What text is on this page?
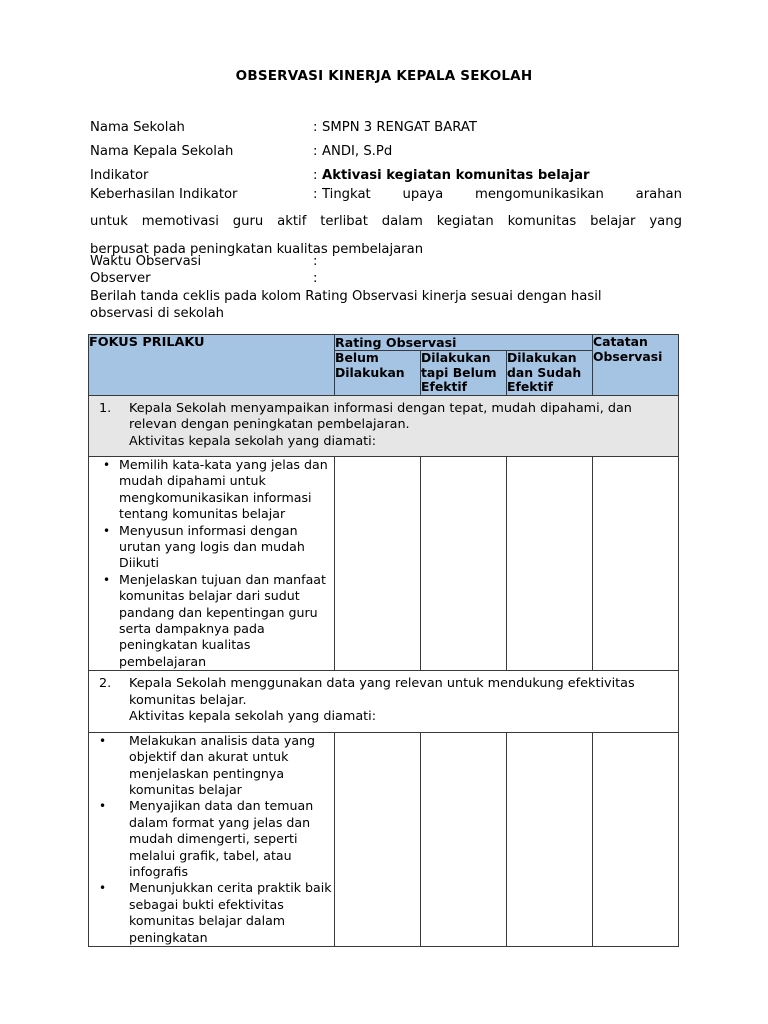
OBSERVASI KINERJA KEPALA SEKOLAH
Nama Sekolah	: SMPN 3 RENGAT BARAT
Nama Kepala Sekolah	: ANDI, S.Pd
Indikator	: Aktivasi kegiatan komunitas belajar
Keberhasilan Indikator	: Tingkat upaya mengomunikasikan arahan
untuk memotivasi guru aktif terlibat dalam kegiatan komunitas belajar yang
berpusat pada peningkatan kualitas pembelajaran
Waktu Observasi	:
Observer	:
Berilah tanda ceklis pada kolom Rating Observasi kinerja sesuai dengan hasil
observasi di sekolah
FOKUS PRILAKU	Rating Observasi			Catatan Observasi
	Belum Dilakukan	Dilakukan tapi Belum Efektif	Dilakukan dan Sudah Efektif	

1. Kepala Sekolah menyampaikan informasi dengan tepat, mudah dipahami, dan relevan dengan peningkatan pembelajaran.
Aktivitas kepala sekolah yang diamati:				

• Memilih kata-kata yang jelas dan mudah dipahami untuk mengkomunikasikan informasi tentang komunitas belajar
• Menyusun informasi dengan urutan yang logis dan mudah Diikuti
• Menjelaskan tujuan dan manfaat komunitas belajar dari sudut pandang dan kepentingan guru serta dampaknya pada peningkatan kualitas pembelajaran

2. Kepala Sekolah menggunakan data yang relevan untuk mendukung efektivitas komunitas belajar.
Aktivitas kepala sekolah yang diamati:				

• Melakukan analisis data yang objektif dan akurat untuk menjelaskan pentingnya komunitas belajar
• Menyajikan data dan temuan dalam format yang jelas dan mudah dimengerti, seperti melalui grafik, tabel, atau infografis
• Menunjukkan cerita praktik baik sebagai bukti efektivitas komunitas belajar dalam peningkatan
